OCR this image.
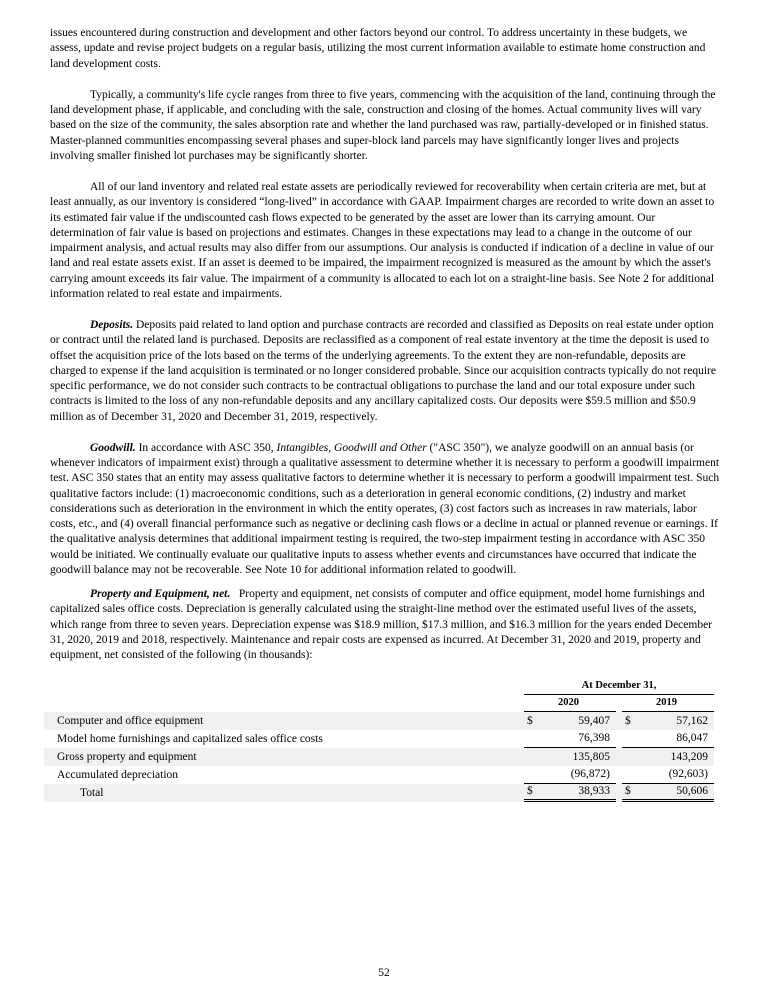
issues encountered during construction and development and other factors beyond our control. To address uncertainty in these budgets, we assess, update and revise project budgets on a regular basis, utilizing the most current information available to estimate home construction and land development costs.

Typically, a community's life cycle ranges from three to five years, commencing with the acquisition of the land, continuing through the land development phase, if applicable, and concluding with the sale, construction and closing of the homes. Actual community lives will vary based on the size of the community, the sales absorption rate and whether the land purchased was raw, partially-developed or in finished status. Master-planned communities encompassing several phases and super-block land parcels may have significantly longer lives and projects involving smaller finished lot purchases may be significantly shorter.

All of our land inventory and related real estate assets are periodically reviewed for recoverability when certain criteria are met, but at least annually, as our inventory is considered “long-lived” in accordance with GAAP. Impairment charges are recorded to write down an asset to its estimated fair value if the undiscounted cash flows expected to be generated by the asset are lower than its carrying amount. Our determination of fair value is based on projections and estimates. Changes in these expectations may lead to a change in the outcome of our impairment analysis, and actual results may also differ from our assumptions. Our analysis is conducted if indication of a decline in value of our land and real estate assets exist. If an asset is deemed to be impaired, the impairment recognized is measured as the amount by which the asset's carrying amount exceeds its fair value. The impairment of a community is allocated to each lot on a straight-line basis. See Note 2 for additional information related to real estate and impairments.

Deposits. Deposits paid related to land option and purchase contracts are recorded and classified as Deposits on real estate under option or contract until the related land is purchased. Deposits are reclassified as a component of real estate inventory at the time the deposit is used to offset the acquisition price of the lots based on the terms of the underlying agreements. To the extent they are non-refundable, deposits are charged to expense if the land acquisition is terminated or no longer considered probable. Since our acquisition contracts typically do not require specific performance, we do not consider such contracts to be contractual obligations to purchase the land and our total exposure under such contracts is limited to the loss of any non-refundable deposits and any ancillary capitalized costs. Our deposits were $59.5 million and $50.9 million as of December 31, 2020 and December 31, 2019, respectively.

Goodwill. In accordance with ASC 350, Intangibles, Goodwill and Other ("ASC 350"), we analyze goodwill on an annual basis (or whenever indicators of impairment exist) through a qualitative assessment to determine whether it is necessary to perform a goodwill impairment test. ASC 350 states that an entity may assess qualitative factors to determine whether it is necessary to perform a goodwill impairment test. Such qualitative factors include: (1) macroeconomic conditions, such as a deterioration in general economic conditions, (2) industry and market considerations such as deterioration in the environment in which the entity operates, (3) cost factors such as increases in raw materials, labor costs, etc., and (4) overall financial performance such as negative or declining cash flows or a decline in actual or planned revenue or earnings. If the qualitative analysis determines that additional impairment testing is required, the two-step impairment testing in accordance with ASC 350 would be initiated. We continually evaluate our qualitative inputs to assess whether events and circumstances have occurred that indicate the goodwill balance may not be recoverable. See Note 10 for additional information related to goodwill.

Property and Equipment, net. Property and equipment, net consists of computer and office equipment, model home furnishings and capitalized sales office costs. Depreciation is generally calculated using the straight-line method over the estimated useful lives of the assets, which range from three to seven years. Depreciation expense was $18.9 million, $17.3 million, and $16.3 million for the years ended December 31, 2020, 2019 and 2018, respectively. Maintenance and repair costs are expensed as incurred. At December 31, 2020 and 2019, property and equipment, net consisted of the following (in thousands):

At December 31,
2020	2019
Computer and office equipment	$	59,407 $	57,162
Model home furnishings and capitalized sales office costs	76,398	86,047
Gross property and equipment	135,805	143,209
Accumulated depreciation	(96,872)	(92,603)
Total	$	38,933 $	50,606
52
